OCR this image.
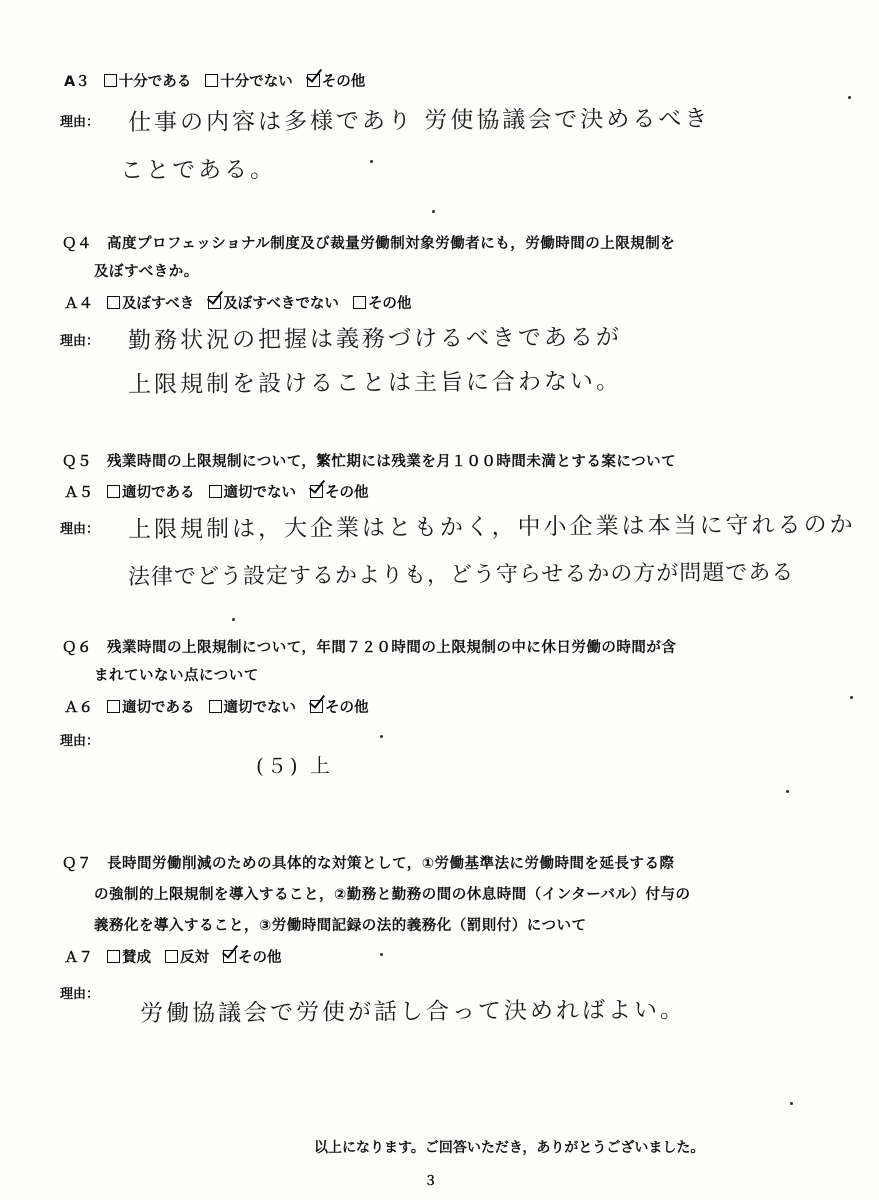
A３ 十分である 十分でない その他
理由： 仕事の内容は多様であり 労使協議会で決めるべき
ことである。
Ｑ４　高度プロフェッショナル制度及び裁量労働制対象労働者にも，労働時間の上限規制を
及ぼすべきか。
Ａ４ 及ぼすべき 及ぼすべきでない その他
理由： 勤務状況の把握は義務づけるべきであるが
上限規制を設けることは主旨に合わない。
Ｑ５　残業時間の上限規制について，繁忙期には残業を月１００時間未満とする案について
Ａ５ 適切である 適切でない その他
理由： 上限規制は，大企業はともかく，中小企業は本当に守れるのか
法律でどう設定するかよりも，どう守らせるかの方が問題である
Ｑ６　残業時間の上限規制について，年間７２０時間の上限規制の中に休日労働の時間が含
まれていない点について
Ａ６ 適切である 適切でない その他
理由：
(５) 上
Ｑ７　長時間労働削減のための具体的な対策として，①労働基準法に労働時間を延長する際
の強制的上限規制を導入すること，②勤務と勤務の間の休息時間（インターバル）付与の
義務化を導入すること，③労働時間記録の法的義務化（罰則付）について
Ａ７ 賛成 反対 その他
理由：
労働協議会で労使が話し合って決めればよい。
以上になります。ご回答いただき，ありがとうございました。
３
